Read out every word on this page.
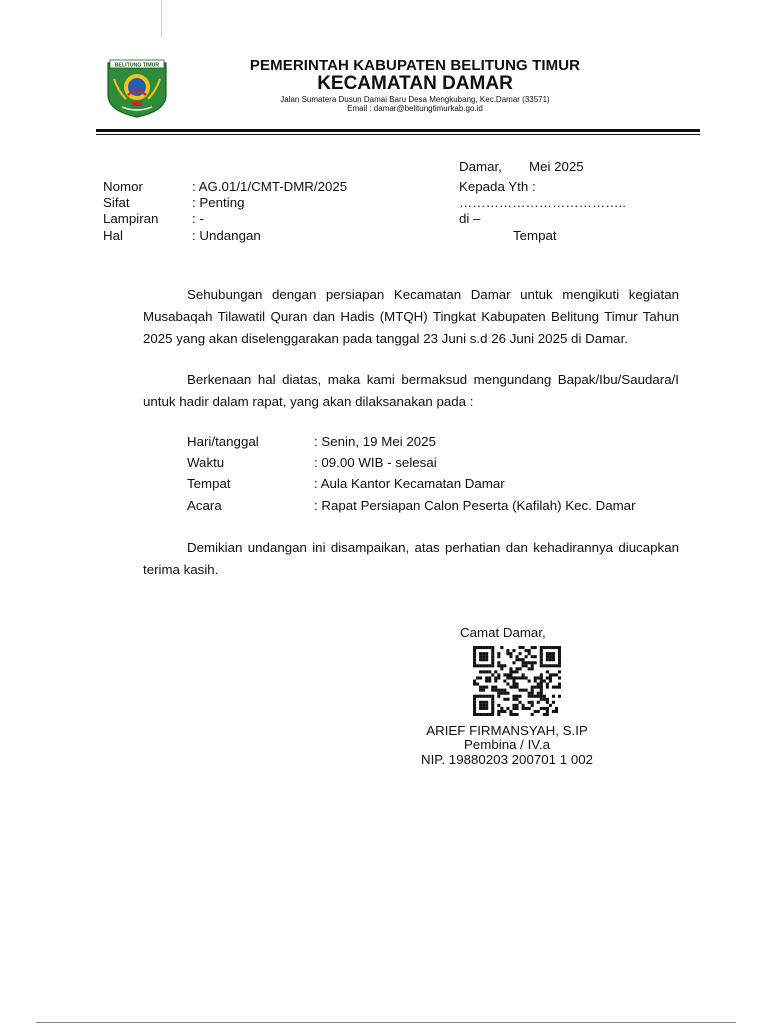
BELITUNG TIMUR	PEMERINTAH KABUPATEN BELITUNG TIMUR
KECAMATAN DAMAR
Jalan Sumatera Dusun Damai Baru Desa Mengkubang, Kec.Damar (33571)
Email : damar@belitungtimurkab.go.id
Damar, Mei 2025
Nomor	: AG.01/1/CMT-DMR/2025
Sifat	: Penting
Lampiran	: -
Hal	: Undangan
Kepada Yth :
………………………………..
di –
Tempat
Sehubungan dengan persiapan Kecamatan Damar untuk mengikuti kegiatan Musabaqah Tilawatil Quran dan Hadis (MTQH) Tingkat Kabupaten Belitung Timur Tahun 2025 yang akan diselenggarakan pada tanggal 23 Juni s.d 26 Juni 2025 di Damar.
Berkenaan hal diatas, maka kami bermaksud mengundang Bapak/Ibu/Saudara/I untuk hadir dalam rapat, yang akan dilaksanakan pada :
Hari/tanggal	: Senin, 19 Mei 2025
Waktu	: 09.00 WIB - selesai
Tempat	: Aula Kantor Kecamatan Damar
Acara	: Rapat Persiapan Calon Peserta (Kafilah) Kec. Damar
Demikian undangan ini disampaikan, atas perhatian dan kehadirannya diucapkan terima kasih.
Camat Damar,
ARIEF FIRMANSYAH, S.IP
Pembina / IV.a
NIP. 19880203 200701 1 002
